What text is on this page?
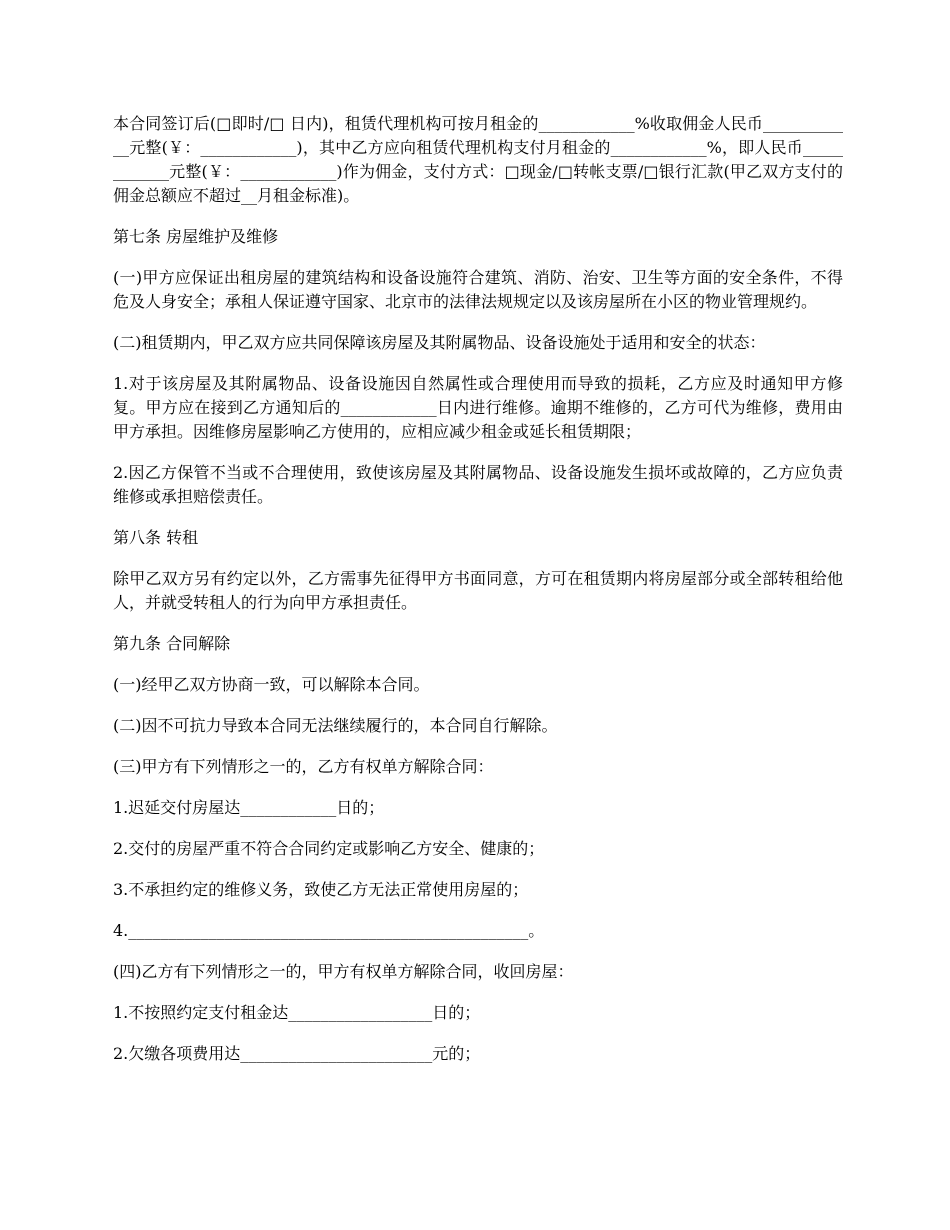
本合同签订后(□即时/□ 日内)，租赁代理机构可按月租金的____________%收取佣金人民币____________元整(￥：____________)，其中乙方应向租赁代理机构支付月租金的____________%，即人民币____________元整(￥：____________)作为佣金，支付方式：□现金/□转帐支票/□银行汇款(甲乙双方支付的佣金总额应不超过__月租金标准)。

第七条 房屋维护及维修

(一)甲方应保证出租房屋的建筑结构和设备设施符合建筑、消防、治安、卫生等方面的安全条件，不得危及人身安全；承租人保证遵守国家、北京市的法律法规规定以及该房屋所在小区的物业管理规约。

(二)租赁期内，甲乙双方应共同保障该房屋及其附属物品、设备设施处于适用和安全的状态：

1.对于该房屋及其附属物品、设备设施因自然属性或合理使用而导致的损耗，乙方应及时通知甲方修复。甲方应在接到乙方通知后的____________日内进行维修。逾期不维修的，乙方可代为维修，费用由甲方承担。因维修房屋影响乙方使用的，应相应减少租金或延长租赁期限；

2.因乙方保管不当或不合理使用，致使该房屋及其附属物品、设备设施发生损坏或故障的，乙方应负责维修或承担赔偿责任。

第八条 转租

除甲乙双方另有约定以外，乙方需事先征得甲方书面同意，方可在租赁期内将房屋部分或全部转租给他人，并就受转租人的行为向甲方承担责任。

第九条 合同解除

(一)经甲乙双方协商一致，可以解除本合同。

(二)因不可抗力导致本合同无法继续履行的，本合同自行解除。

(三)甲方有下列情形之一的，乙方有权单方解除合同：

1.迟延交付房屋达____________日的；

2.交付的房屋严重不符合合同约定或影响乙方安全、健康的；

3.不承担约定的维修义务，致使乙方无法正常使用房屋的；

4.__________________________________________________。

(四)乙方有下列情形之一的，甲方有权单方解除合同，收回房屋：

1.不按照约定支付租金达__________________日的；

2.欠缴各项费用达________________________元的；
